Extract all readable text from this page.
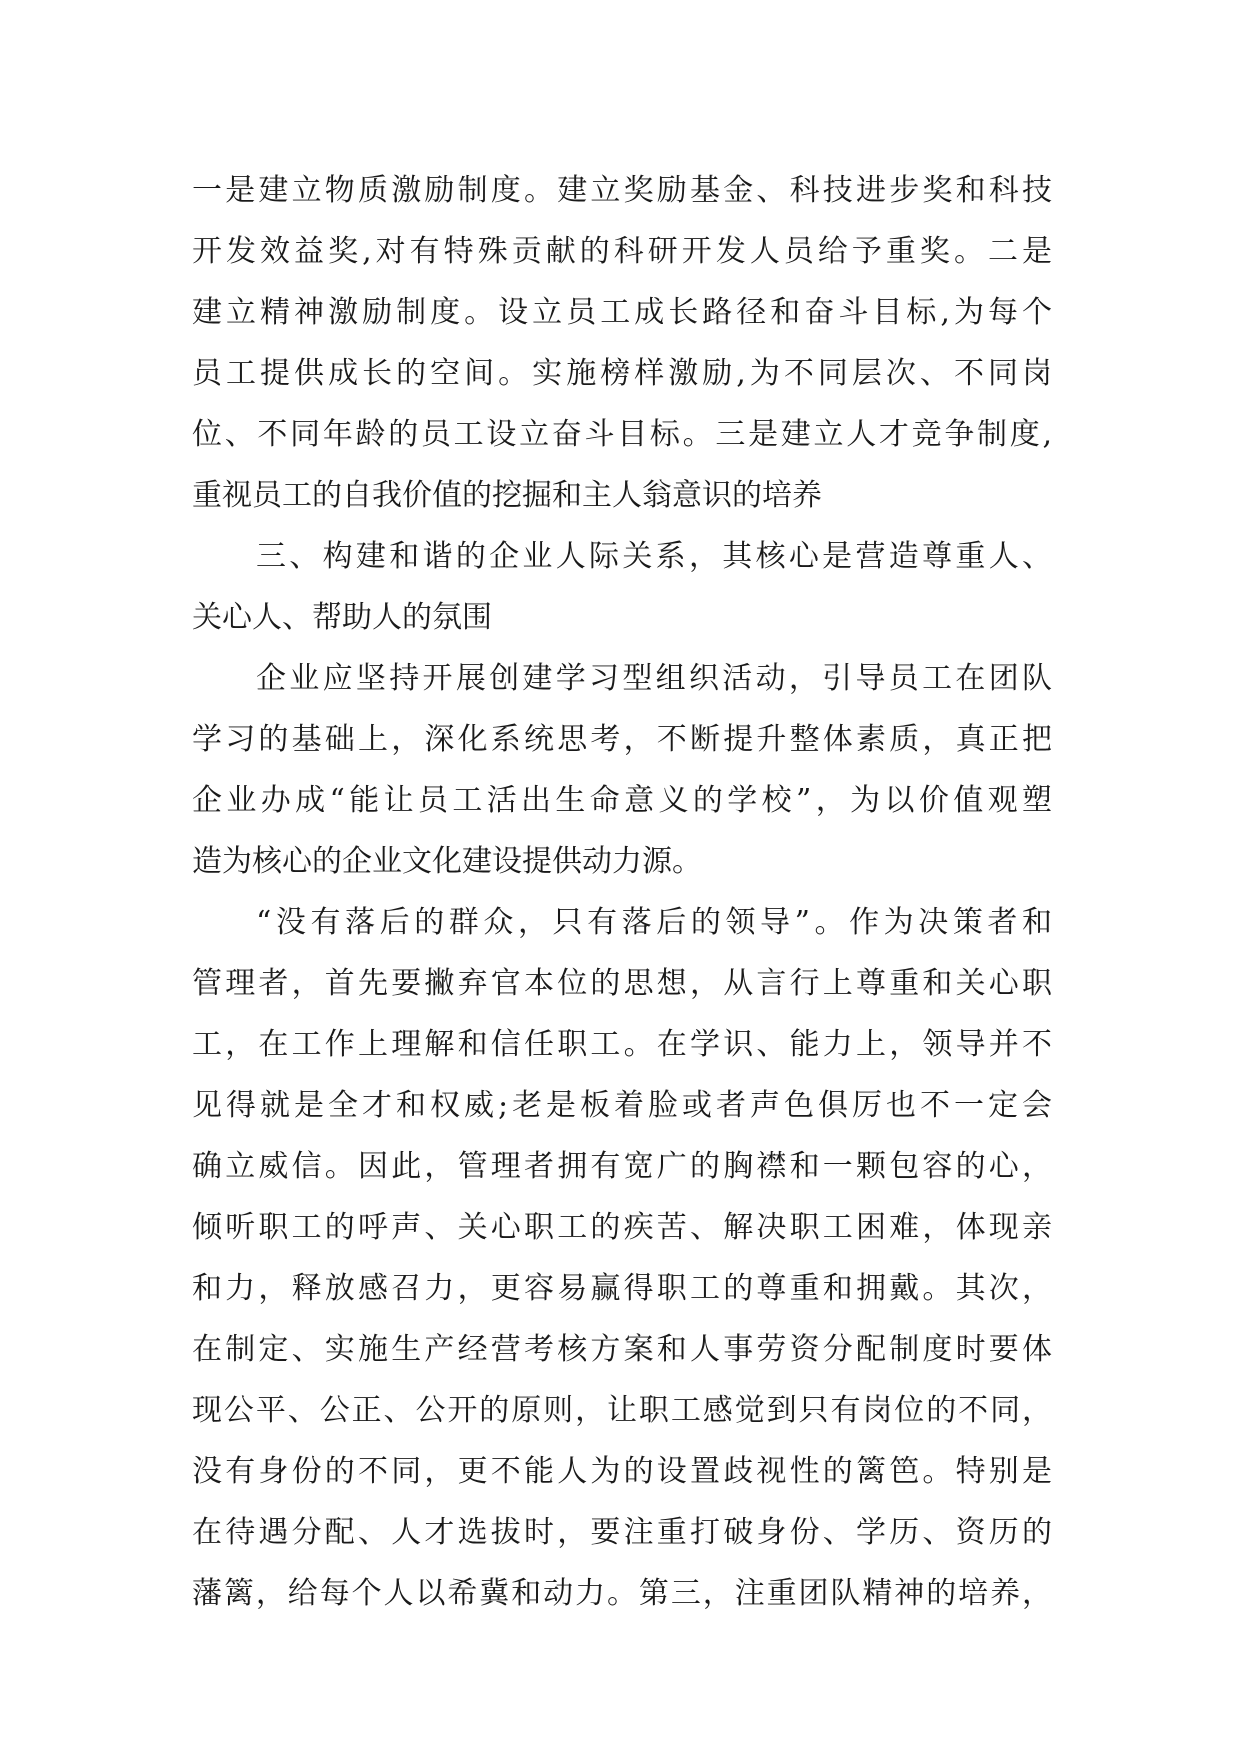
一是建立物质激励制度。建立奖励基金、科技进步奖和科技
开发效益奖,对有特殊贡献的科研开发人员给予重奖。二是
建立精神激励制度。设立员工成长路径和奋斗目标,为每个
员工提供成长的空间。实施榜样激励,为不同层次、不同岗
位、不同年龄的员工设立奋斗目标。三是建立人才竞争制度,
重视员工的自我价值的挖掘和主人翁意识的培养
三、构建和谐的企业人际关系，其核心是营造尊重人、
关心人、帮助人的氛围
企业应坚持开展创建学习型组织活动，引导员工在团队
学习的基础上，深化系统思考，不断提升整体素质，真正把
企业办成“能让员工活出生命意义的学校”，为以价值观塑
造为核心的企业文化建设提供动力源。
“没有落后的群众，只有落后的领导”。作为决策者和
管理者，首先要撇弃官本位的思想，从言行上尊重和关心职
工，在工作上理解和信任职工。在学识、能力上，领导并不
见得就是全才和权威;老是板着脸或者声色俱厉也不一定会
确立威信。因此，管理者拥有宽广的胸襟和一颗包容的心，
倾听职工的呼声、关心职工的疾苦、解决职工困难，体现亲
和力，释放感召力，更容易赢得职工的尊重和拥戴。其次，
在制定、实施生产经营考核方案和人事劳资分配制度时要体
现公平、公正、公开的原则，让职工感觉到只有岗位的不同，
没有身份的不同，更不能人为的设置歧视性的篱笆。特别是
在待遇分配、人才选拔时，要注重打破身份、学历、资历的
藩篱，给每个人以希冀和动力。第三，注重团队精神的培养，
